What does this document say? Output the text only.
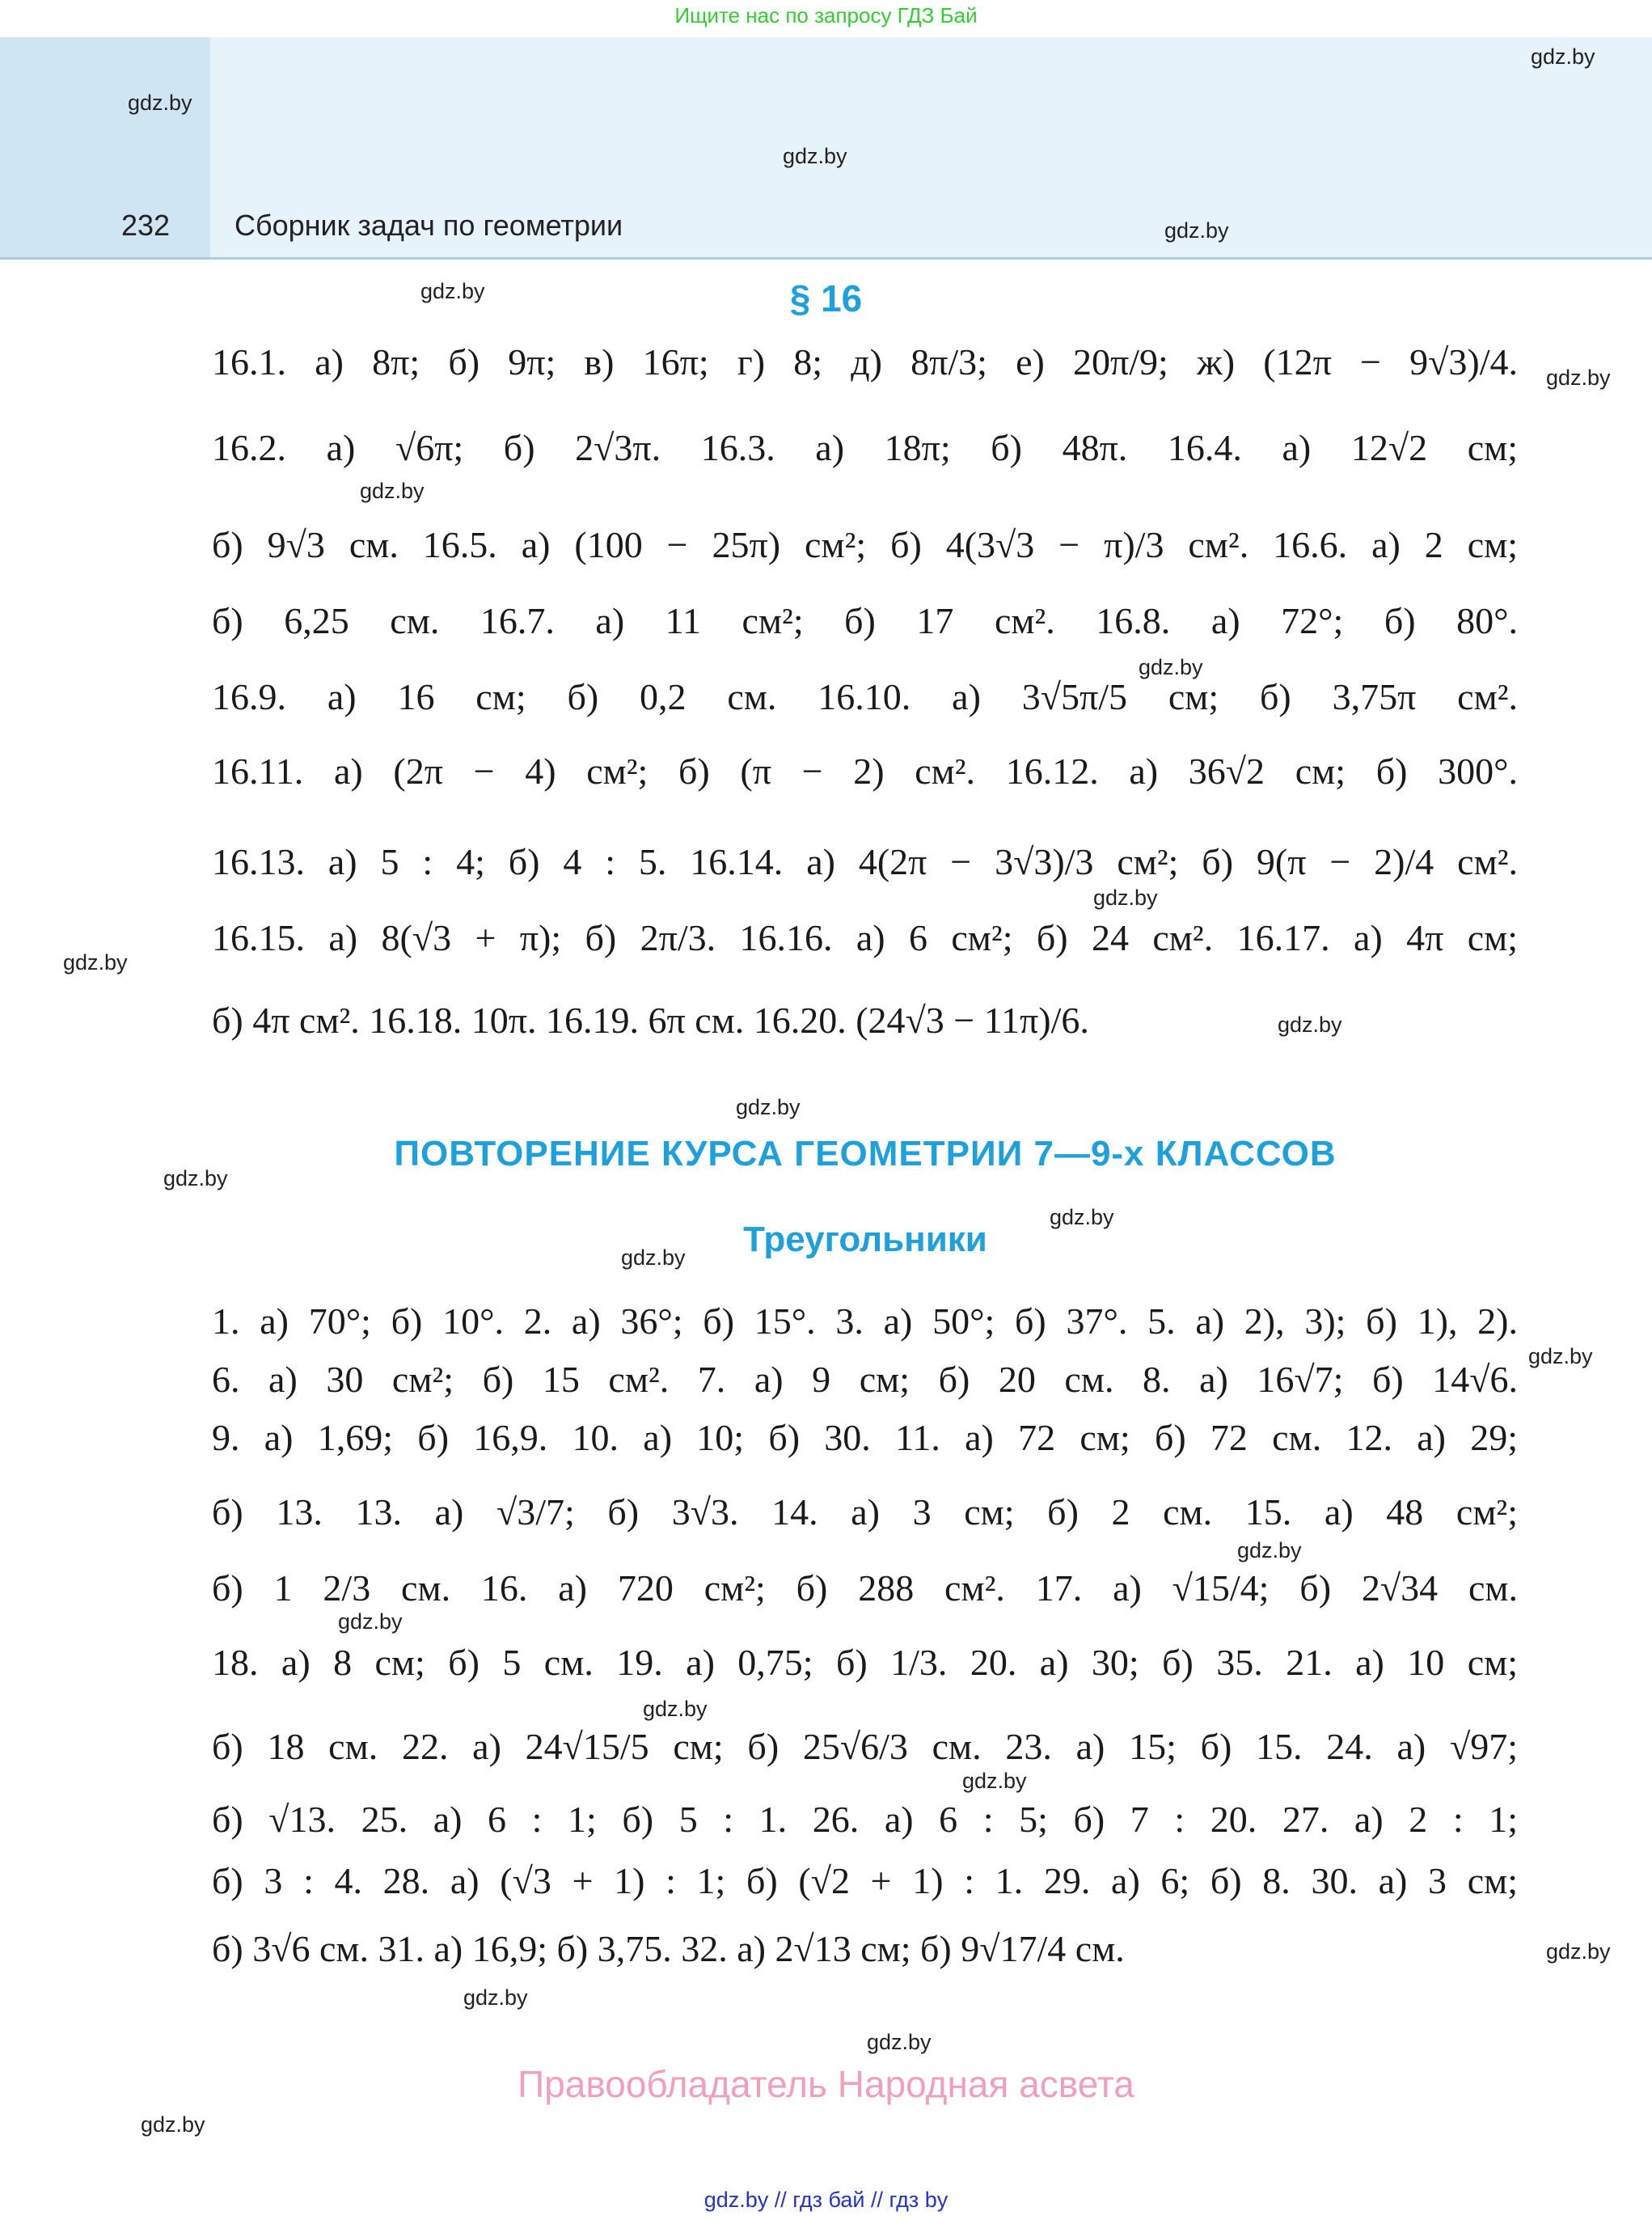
Ищите нас по запросу ГДЗ Бай
232 Сборник задач по геометрии
gdz.by
gdz.by
gdz.by
gdz.by
gdz.by
gdz.by
gdz.by
gdz.by
gdz.by
gdz.by
gdz.by
gdz.by
gdz.by
gdz.by
gdz.by
gdz.by
gdz.by
gdz.by
gdz.by
gdz.by
gdz.by
gdz.by
gdz.by
gdz.by
§ 16
16.1. а) 8π; б) 9π; в) 16π; г) 8; д) 8π/3; е) 20π/9; ж) (12π − 9√3)/4.
16.2. а) √6π; б) 2√3π. 16.3. а) 18π; б) 48π. 16.4. а) 12√2 см;
б) 9√3 см. 16.5. а) (100 − 25π) см²; б) 4(3√3 − π)/3 см². 16.6. а) 2 см;
б) 6,25 см. 16.7. а) 11 см²; б) 17 см². 16.8. а) 72°; б) 80°.
16.9. а) 16 см; б) 0,2 см. 16.10. а) 3√5π/5 см; б) 3,75π см².
16.11. а) (2π − 4) см²; б) (π − 2) см². 16.12. а) 36√2 см; б) 300°.
16.13. а) 5 : 4; б) 4 : 5. 16.14. а) 4(2π − 3√3)/3 см²; б) 9(π − 2)/4 см².
16.15. а) 8(√3 + π); б) 2π/3. 16.16. а) 6 см²; б) 24 см². 16.17. а) 4π см;
б) 4π см². 16.18. 10π. 16.19. 6π см. 16.20. (24√3 − 11π)/6.
ПОВТОРЕНИЕ КУРСА ГЕОМЕТРИИ 7—9-х КЛАССОВ
Треугольники
1. а) 70°; б) 10°. 2. а) 36°; б) 15°. 3. а) 50°; б) 37°. 5. а) 2), 3); б) 1), 2).
6. а) 30 см²; б) 15 см². 7. а) 9 см; б) 20 см. 8. а) 16√7; б) 14√6.
9. а) 1,69; б) 16,9. 10. а) 10; б) 30. 11. а) 72 см; б) 72 см. 12. а) 29;
б) 13. 13. а) √3/7; б) 3√3. 14. а) 3 см; б) 2 см. 15. а) 48 см²;
б) 1 2/3 см. 16. а) 720 см²; б) 288 см². 17. а) √15/4; б) 2√34 см.
18. а) 8 см; б) 5 см. 19. а) 0,75; б) 1/3. 20. а) 30; б) 35. 21. а) 10 см;
б) 18 см. 22. а) 24√15/5 см; б) 25√6/3 см. 23. а) 15; б) 15. 24. а) √97;
б) √13. 25. а) 6 : 1; б) 5 : 1. 26. а) 6 : 5; б) 7 : 20. 27. а) 2 : 1;
б) 3 : 4. 28. а) (√3 + 1) : 1; б) (√2 + 1) : 1. 29. а) 6; б) 8. 30. а) 3 см;
б) 3√6 см. 31. а) 16,9; б) 3,75. 32. а) 2√13 см; б) 9√17/4 см.
Правообладатель Народная асвета
gdz.by // гдз бай // гдз by
